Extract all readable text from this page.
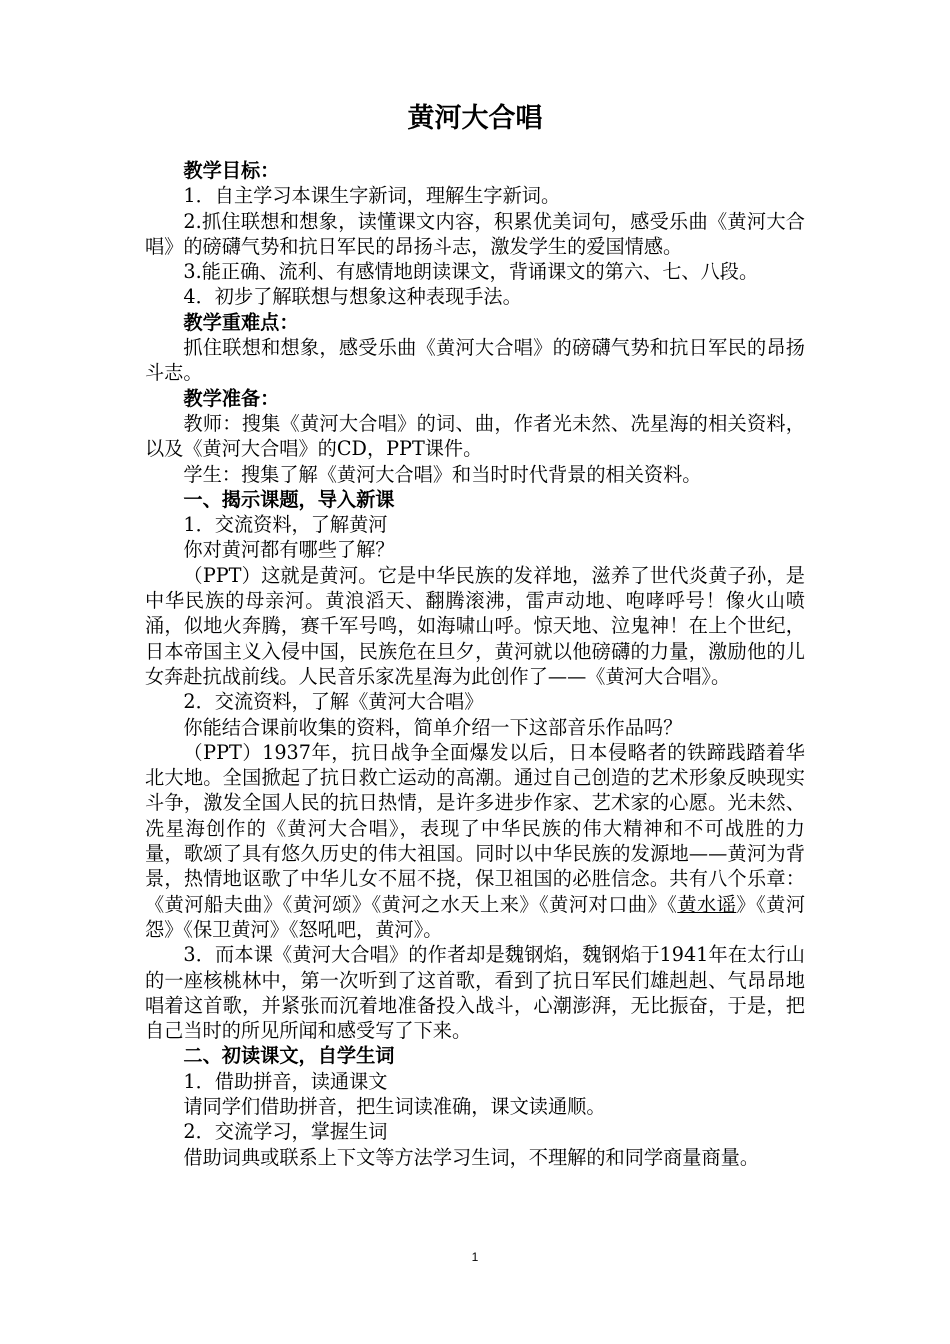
黄河大合唱

教学目标：

1．自主学习本课生字新词，理解生字新词。

2.抓住联想和想象，读懂课文内容，积累优美词句，感受乐曲《黄河大合唱》的磅礴气势和抗日军民的昂扬斗志，激发学生的爱国情感。

3.能正确、流利、有感情地朗读课文，背诵课文的第六、七、八段。

4．初步了解联想与想象这种表现手法。

教学重难点：

抓住联想和想象，感受乐曲《黄河大合唱》的磅礴气势和抗日军民的昂扬斗志。

教学准备：

教师：搜集《黄河大合唱》的词、曲，作者光未然、冼星海的相关资料，以及《黄河大合唱》的CD，PPT课件。

学生：搜集了解《黄河大合唱》和当时时代背景的相关资料。

一、揭示课题，导入新课

1．交流资料，了解黄河

你对黄河都有哪些了解？

（PPT）这就是黄河。它是中华民族的发祥地，滋养了世代炎黄子孙，是中华民族的母亲河。黄浪滔天、翻腾滚沸，雷声动地、咆哮呼号！像火山喷涌，似地火奔腾，赛千军号鸣，如海啸山呼。惊天地、泣鬼神！在上个世纪，日本帝国主义入侵中国，民族危在旦夕，黄河就以他磅礴的力量，激励他的儿女奔赴抗战前线。人民音乐家冼星海为此创作了——《黄河大合唱》。

2．交流资料，了解《黄河大合唱》

你能结合课前收集的资料，简单介绍一下这部音乐作品吗？

（PPT）1937年，抗日战争全面爆发以后，日本侵略者的铁蹄践踏着华北大地。全国掀起了抗日救亡运动的高潮。通过自己创造的艺术形象反映现实斗争，激发全国人民的抗日热情，是许多进步作家、艺术家的心愿。光未然、冼星海创作的《黄河大合唱》，表现了中华民族的伟大精神和不可战胜的力量，歌颂了具有悠久历史的伟大祖国。同时以中华民族的发源地——黄河为背景，热情地讴歌了中华儿女不屈不挠，保卫祖国的必胜信念。共有八个乐章：《黄河船夫曲》《黄河颂》《黄河之水天上来》《黄河对口曲》《黄水谣》《黄河怨》《保卫黄河》《怒吼吧，黄河》。

3．而本课《黄河大合唱》的作者却是魏钢焰，魏钢焰于1941年在太行山的一座核桃林中，第一次听到了这首歌，看到了抗日军民们雄赳赳、气昂昂地唱着这首歌，并紧张而沉着地准备投入战斗，心潮澎湃，无比振奋，于是，把自己当时的所见所闻和感受写了下来。

二、初读课文，自学生词

1．借助拼音，读通课文

请同学们借助拼音，把生词读准确，课文读通顺。

2．交流学习，掌握生词

借助词典或联系上下文等方法学习生词，不理解的和同学商量商量。

1
